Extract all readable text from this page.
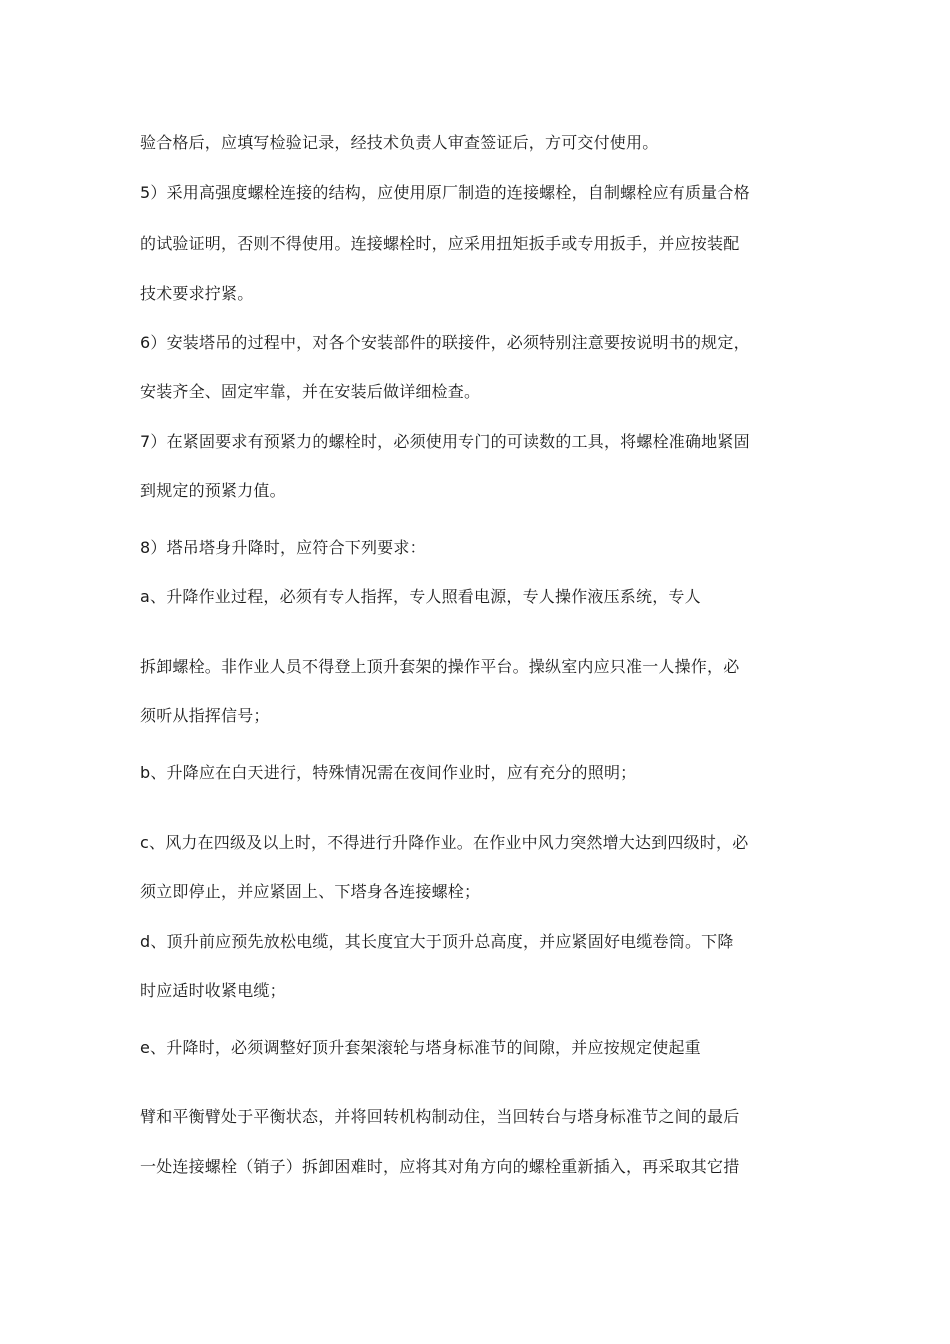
验合格后，应填写检验记录，经技术负责人审查签证后，方可交付使用。
5）采用高强度螺栓连接的结构，应使用原厂制造的连接螺栓，自制螺栓应有质量合格
的试验证明，否则不得使用。连接螺栓时，应采用扭矩扳手或专用扳手，并应按装配
技术要求拧紧。
6）安装塔吊的过程中，对各个安装部件的联接件，必须特别注意要按说明书的规定，
安装齐全、固定牢靠，并在安装后做详细检查。
7）在紧固要求有预紧力的螺栓时，必须使用专门的可读数的工具，将螺栓准确地紧固
到规定的预紧力值。
8）塔吊塔身升降时，应符合下列要求：
a、升降作业过程，必须有专人指挥，专人照看电源，专人操作液压系统，专人
拆卸螺栓。非作业人员不得登上顶升套架的操作平台。操纵室内应只准一人操作，必
须听从指挥信号；
b、升降应在白天进行，特殊情况需在夜间作业时，应有充分的照明；
c、风力在四级及以上时，不得进行升降作业。在作业中风力突然增大达到四级时，必
须立即停止，并应紧固上、下塔身各连接螺栓；
d、顶升前应预先放松电缆，其长度宜大于顶升总高度，并应紧固好电缆卷筒。下降
时应适时收紧电缆；
e、升降时，必须调整好顶升套架滚轮与塔身标准节的间隙，并应按规定使起重
臂和平衡臂处于平衡状态，并将回转机构制动住，当回转台与塔身标准节之间的最后
一处连接螺栓（销子）拆卸困难时，应将其对角方向的螺栓重新插入，再采取其它措
